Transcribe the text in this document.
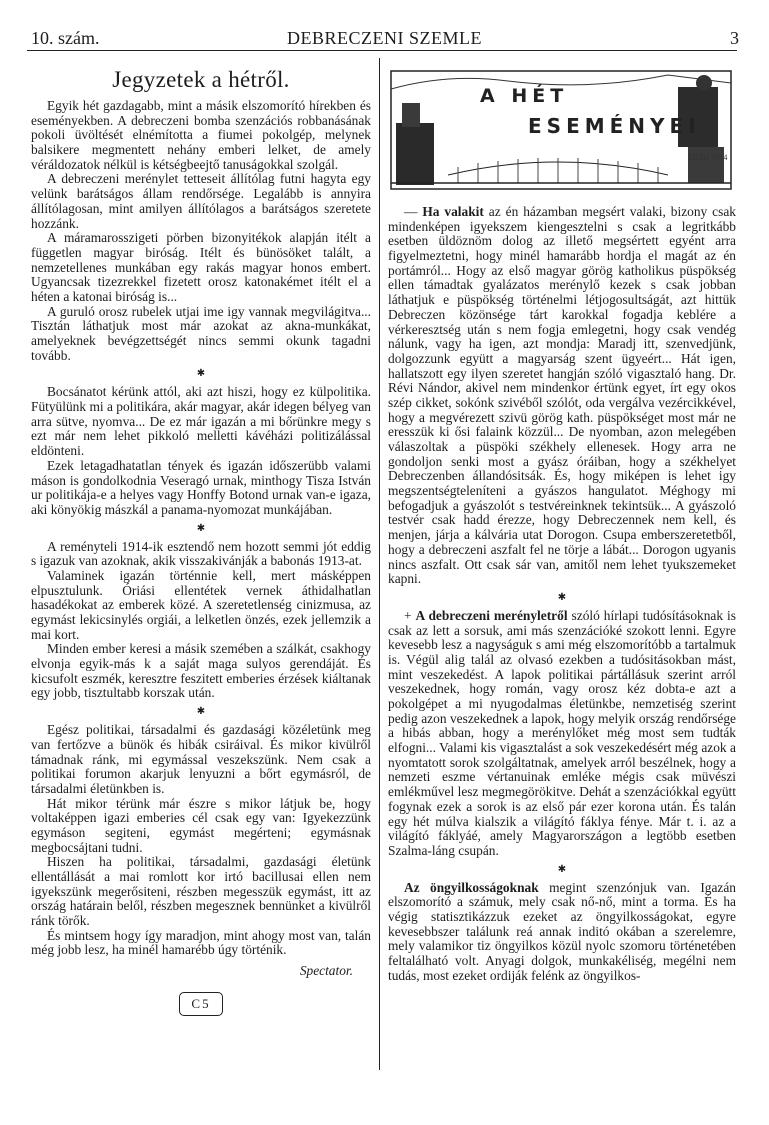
10. szám.	DEBRECZENI SZEMLE	3
Jegyzetek a hétről.

Egyik hét gazdagabb, mint a másik elszomorító hírekben és eseményekben. A debreczeni bomba szenzációs robbanásának pokoli üvöltését elnémította a fiumei pokolgép, melynek balsikere megmentett nehány emberi lelket, de amely véráldozatok nélkül is kétségbeejtő tanuságokkal szolgál.

A debreczeni merénylet tetteseit állítólag futni hagyta egy velünk barátságos állam rendőrsége. Legalább is annyira állítólagosan, mint amilyen állítólagos a barátságos szeretete hozzánk.

A máramarosszigeti pörben bizonyitékok alapján itélt a független magyar biróság. Itélt és bünösöket talált, a nemzetellenes munkában egy rakás magyar honos embert. Ugyancsak tizezrekkel fizetett orosz katonakémet itélt el a héten a katonai biróság is...

A guruló orosz rubelek utjai ime igy vannak megvilágitva... Tisztán láthatjuk most már azokat az akna-munkákat, amelyeknek bevégzettségét nincs semmi okunk tagadni tovább.

✱

Bocsánatot kérünk attól, aki azt hiszi, hogy ez külpolitika. Fütyülünk mi a politikára, akár magyar, akár idegen bélyeg van arra sütve, nyomva... De ez már igazán a mi bőrünkre megy s ezt már nem lehet pikkoló melletti kávéházi politizálással eldönteni.

Ezek letagadhatatlan tények és igazán időszerübb valami máson is gondolkodnia Veseragó urnak, minthogy Tisza István ur politikája-e a helyes vagy Honffy Botond urnak van-e igaza, aki könyökig mászkál a panama-nyomozat munkájában.

✱

A reményteli 1914-ik esztendő nem hozott semmi jót eddig s igazuk van azoknak, akik visszakivánják a babonás 1913-at.

Valaminek igazán történnie kell, mert másképpen elpusztulunk. Óriási ellentétek vernek áthidalhatlan hasadékokat az emberek közé. A szeretetlenség cinizmusa, az egymást lekicsinylés orgiái, a lelketlen önzés, ezek jellemzik a mai kort.

Minden ember keresi a másik szemében a szálkát, csakhogy elvonja egyik-más k a saját maga sulyos gerendáját. És kicsufolt eszmék, keresztre feszitett emberies érzések kiáltanak egy jobb, tisztultabb korszak után.

✱

Egész politikai, társadalmi és gazdasági közéletünk meg van fertőzve a bünök és hibák csiráival. És mikor kivülről támadnak ránk, mi egymással veszekszünk. Nem csak a politikai forumon akarjuk lenyuzni a bőrt egymásról, de társadalmi életünkben is.

Hát mikor térünk már észre s mikor látjuk be, hogy voltaképpen igazi emberies cél csak egy van: Igyekezzünk egymáson segiteni, egymást megérteni; egymásnak megbocsájtani tudni.

Hiszen ha politikai, társadalmi, gazdasági életünk ellentállását a mai romlott kor irtó bacillusai ellen nem igyekszünk megerősiteni, részben megesszük egymást, itt az ország határain belől, részben megesznek bennünket a kivülről ránk törők.

És mintsem hogy így maradjon, mint ahogy most van, talán még jobb lesz, ha minél hamarébb úgy történik.

Spectator.
C5
A HÉT
ESEMÉNYEI
TÖTH 1914

— Ha valakit az én házamban megsért valaki, bizony csak mindenképen igyekszem kiengesztelni s csak a legritkább esetben üldöznöm dolog az illető megsértett egyént arra figyelmeztetni, hogy minél hamarább hordja el magát az én portámról... Hogy az első magyar görög katholikus püspökség ellen támadtak gyalázatos merénylő kezek s csak jobban láthatjuk e püspökség történelmi létjogosultságát, azt hittük Debreczen közönsége tárt karokkal fogadja keblére a vérkeresztség után s nem fogja emlegetni, hogy csak vendég nálunk, vagy ha igen, azt mondja: Maradj itt, szenvedjünk, dolgozzunk együtt a magyarság szent ügyeért... Hát igen, hallatszott egy ilyen szeretet hangján szóló vigasztaló hang. Dr. Révi Nándor, akivel nem mindenkor értünk egyet, írt egy okos szép cikket, sokónk szivéből szólót, oda vergálva vezércikkével, hogy a megvérezett szivü görög kath. püspökséget most már ne eresszük ki ősi falaink közzül... De nyomban, azon melegében válaszoltak a püspöki székhely ellenesek. Hogy arra ne gondoljon senki most a gyász óráiban, hogy a székhelyet Debreczenben állandósitsák. És, hogy miképen is lehet igy megszentségteleníteni a gyászos hangulatot. Méghogy mi befogadjuk a gyászolót s testvéreinknek tekintsük... A gyászoló testvér csak hadd érezze, hogy Debreczennek nem kell, és menjen, járja a kálvária utat Dorogon. Csupa emberszeretetből, hogy a debreczeni aszfalt fel ne törje a lábát... Dorogon ugyanis nincs aszfalt. Ott csak sár van, amitől nem lehet tyukszemeket kapni.

✱

+ A debreczeni merényletről szóló hírlapi tudósításoknak is csak az lett a sorsuk, ami más szenzációké szokott lenni. Egyre kevesebb lesz a nagyságuk s ami még elszomorítóbb a tartalmuk is. Végül alig talál az olvasó ezekben a tudósitásokban mást, mint veszekedést. A lapok politikai pártállásuk szerint arról veszekednek, hogy román, vagy orosz kéz dobta-e azt a pokolgépet a mi nyugodalmas életünkbe, nemzetiség szerint pedig azon veszekednek a lapok, hogy melyik ország rendőrsége a hibás abban, hogy a merénylőket még most sem tudták elfogni... Valami kis vigasztalást a sok veszekedésért még azok a nyomtatott sorok szolgáltatnak, amelyek arról beszélnek, hogy a nemzeti eszme vértanuinak emléke mégis csak müvészi emlékművel lesz megmegörökitve. Dehát a szenzációkkal együtt fogynak ezek a sorok is az első pár ezer korona után. És talán egy hét múlva kialszik a világító fáklya fénye. Már t. i. az a világító fáklyáé, amely Magyarországon a legtöbb esetben Szalma-láng csupán.

✱

Az öngyilkosságoknak megint szenzónjuk van. Igazán elszomorító a számuk, mely csak nő-nő, mint a torma. És ha végig statisztikázzuk ezeket az öngyilkosságokat, egyre kevesebbszer találunk reá annak inditó okában a szerelemre, mely valamikor tiz öngyilkos közül nyolc szomoru történetében feltalálható volt. Anyagi dolgok, munkakéliség, megélni nem tudás, most ezeket ordiják felénk az öngyilkos-
